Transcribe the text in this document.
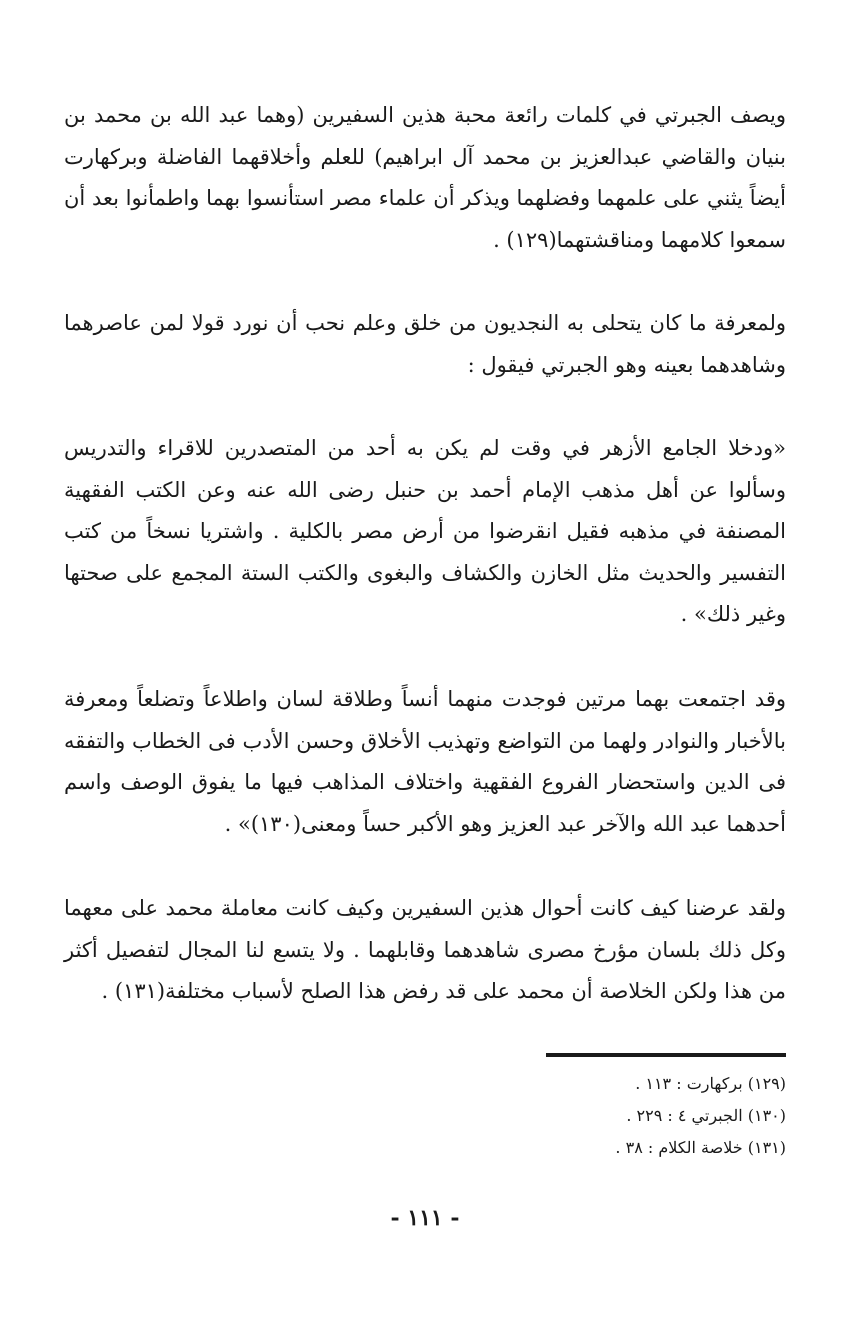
ويصف الجبرتي في كلمات رائعة محبة هذين السفيرين (وهما عبد الله بن محمد بن بنيان والقاضي عبدالعزيز بن محمد آل ابراهيم) للعلم وأخلاقهما الفاضلة وبركهارت أيضاً يثني على علمهما وفضلهما ويذكر أن علماء مصر استأنسوا بهما واطمأنوا بعد أن سمعوا كلامهما ومناقشتهما(١٢٩) .

ولمعرفة ما كان يتحلى به النجديون من خلق وعلم نحب أن نورد قولا لمن عاصرهما وشاهدهما بعينه وهو الجبرتي فيقول :

«ودخلا الجامع الأزهر في وقت لم يكن به أحد من المتصدرين للاقراء والتدريس وسألوا عن أهل مذهب الإمام أحمد بن حنبل رضى الله عنه وعن الكتب الفقهية المصنفة في مذهبه فقيل انقرضوا من أرض مصر بالكلية . واشتريا نسخاً من كتب التفسير والحديث مثل الخازن والكشاف والبغوى والكتب الستة المجمع على صحتها وغير ذلك» .

وقد اجتمعت بهما مرتين فوجدت منهما أنساً وطلاقة لسان واطلاعاً وتضلعاً ومعرفة بالأخبار والنوادر ولهما من التواضع وتهذيب الأخلاق وحسن الأدب فى الخطاب والتفقه فى الدين واستحضار الفروع الفقهية واختلاف المذاهب فيها ما يفوق الوصف واسم أحدهما عبد الله والآخر عبد العزيز وهو الأكبر حساً ومعنى(١٣٠)» .

ولقد عرضنا كيف كانت أحوال هذين السفيرين وكيف كانت معاملة محمد على معهما وكل ذلك بلسان مؤرخ مصرى شاهدهما وقابلهما . ولا يتسع لنا المجال لتفصيل أكثر من هذا ولكن الخلاصة أن محمد على قد رفض هذا الصلح لأسباب مختلفة(١٣١) .

(١٢٩) بركهارت : ١١٣ .
(١٣٠) الجبرتي ٤ : ٢٢٩ .
(١٣١) خلاصة الكلام : ٣٨ .
- ١١١ -
